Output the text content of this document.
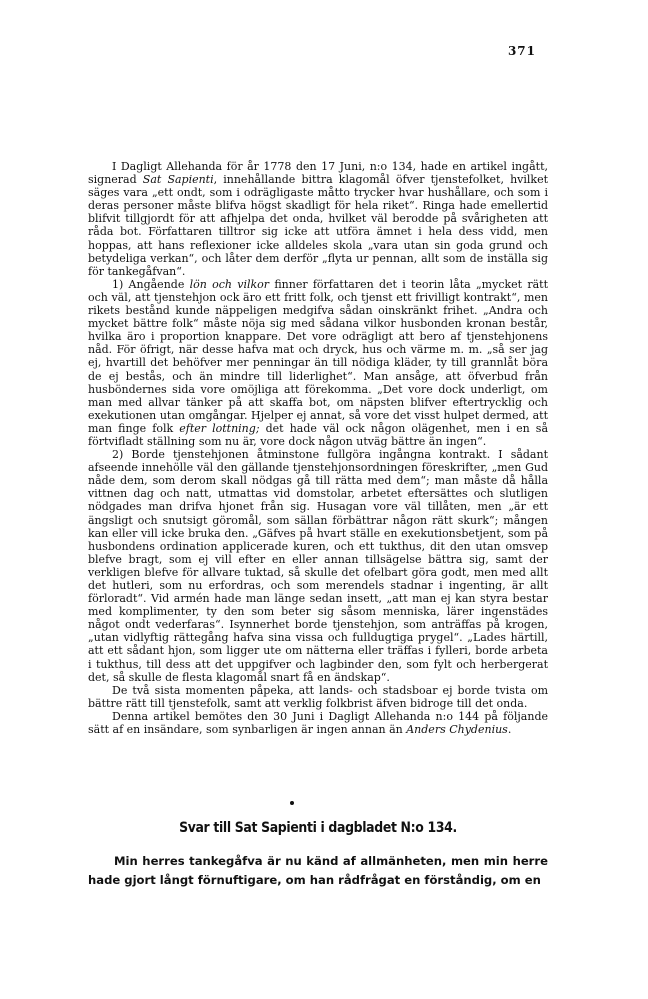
371

I Dagligt Allehanda för år 1778 den 17 Juni, n:o 134, hade en artikel ingått, signerad Sat Sapienti, innehållande bittra klagomål öfver tjenstefolket, hvilket säges vara „ett ondt, som i odrägligaste måtto trycker hvar hushållare, och som i deras personer måste blifva högst skadligt för hela riket“. Ringa hade emellertid blifvit tillgjordt för att afhjelpa det onda, hvilket väl berodde på svårigheten att råda bot. Författaren tilltror sig icke att utföra ämnet i hela dess vidd, men hoppas, att hans reflexioner icke alldeles skola „vara utan sin goda grund och betydeliga verkan“, och låter dem derför „flyta ur pennan, allt som de inställa sig för tankegåfvan“.

1) Angående lön och vilkor finner författaren det i teorin låta „mycket rätt och väl, att tjenstehjon ock äro ett fritt folk, och tjenst ett frivilligt kontrakt“, men rikets bestånd kunde näppeligen medgifva sådan oinskränkt frihet. „Andra och mycket bättre folk“ måste nöja sig med sådana vilkor husbonden kronan består, hvilka äro i proportion knappare. Det vore odrägligt att bero af tjenstehjonens nåd. För öfrigt, när desse hafva mat och dryck, hus och värme m. m. „så ser jag ej, hvartill det behöfver mer penningar än till nödiga kläder, ty till grannlåt böra de ej bestås, och än mindre till liderlighet“. Man ansåge, att öfverbud från husböndernes sida vore omöjliga att förekomma. „Det vore dock underligt, om man med allvar tänker på att skaffa bot, om näpsten blifver eftertrycklig och exekutionen utan omgångar. Hjelper ej annat, så vore det visst hulpet dermed, att man finge folk efter lottning; det hade väl ock någon olägenhet, men i en så förtvifladt ställning som nu är, vore dock någon utväg bättre än ingen“.

2) Borde tjenstehjonen åtminstone fullgöra ingångna kontrakt. I sådant afseende innehölle väl den gällande tjenstehjonsordningen föreskrifter, „men Gud nåde dem, som derom skall nödgas gå till rätta med dem“; man måste då hålla vittnen dag och natt, utmattas vid domstolar, arbetet eftersättes och slutligen nödgades man drifva hjonet från sig. Husagan vore väl tillåten, men „är ett ängsligt och snutsigt göromål, som sällan förbättrar någon rätt skurk“; mången kan eller vill icke bruka den. „Gäfves på hvart ställe en exekutionsbetjent, som på husbondens ordination applicerade kuren, och ett tukthus, dit den utan omsvep blefve bragt, som ej vill efter en eller annan tillsägelse bättra sig, samt der verkligen blefve för allvare tuktad, så skulle det ofelbart göra godt, men med allt det hutleri, som nu erfordras, och som merendels stadnar i ingenting, är allt förloradt“. Vid armén hade man länge sedan insett, „att man ej kan styra bestar med komplimenter, ty den som beter sig såsom menniska, lärer ingenstädes något ondt vederfaras“. Isynnerhet borde tjenstehjon, som anträffas på krogen, „utan vidlyftig rättegång hafva sina vissa och fulldugtiga prygel“. „Lades härtill, att ett sådant hjon, som ligger ute om nätterna eller träffas i fylleri, borde arbeta i tukthus, till dess att det uppgifver och lagbinder den, som fylt och herbergerat det, så skulle de flesta klagomål snart få en ändskap“.

De två sista momenten påpeka, att lands- och stadsboar ej borde tvista om bättre rätt till tjenstefolk, samt att verklig folkbrist äfven bidroge till det onda.

Denna artikel bemötes den 30 Juni i Dagligt Allehanda n:o 144 på följande sätt af en insändare, som synbarligen är ingen annan än Anders Chydenius.

Svar till Sat Sapienti i dagbladet N:o 134.

Min herres tankegåfva är nu känd af allmänheten, men min herre hade gjort långt förnuftigare, om han rådfrågat en förståndig, om en
